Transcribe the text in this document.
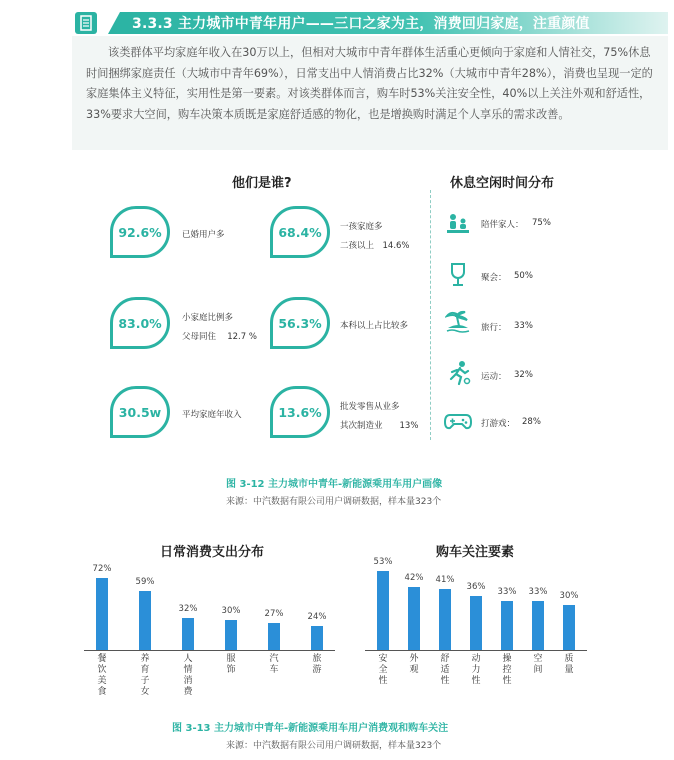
3.3.3 主力城市中青年用户——三口之家为主，消费回归家庭，注重颜值
该类群体平均家庭年收入在30万以上，但相对大城市中青年群体生活重心更倾向于家庭和人情社交，75%休息时间捆绑家庭责任（大城市中青年69%），日常支出中人情消费占比32%（大城市中青年28%），消费也呈现一定的家庭集体主义特征，实用性是第一要素。对该类群体而言，购车时53%关注安全性，40%以上关注外观和舒适性，33%要求大空间，购车决策本质既是家庭舒适感的物化，也是增换购时满足个人享乐的需求改善。
他们是谁?
92.6% 已婚用户多	68.4% 一孩家庭多
二孩以上　14.6%
83.0% 小家庭比例多
父母同住　 12.7 %
56.3% 本科以上占比较多
30.5w 平均家庭年收入	13.6% 批发零售从业多
其次制造业　　13%
休息空闲时间分布
陪伴家人： 75%
聚会： 50%
旅行： 33%
运动： 32%
打游戏： 28%
图 3-12 主力城市中青年-新能源乘用车用户画像
来源：中汽数据有限公司用户调研数据，样本量323个
日常消费支出分布	购车关注要素
72%
餐饮美食
59%
养育子女
32%
人情消费
30%
服饰
27%
汽车
24%
旅游
53%
安全性
42%
外观
41%
舒适性
36%
动力性
33%
操控性
33%
空间
30%
质量
图 3-13 主力城市中青年-新能源乘用车用户消费观和购车关注
来源：中汽数据有限公司用户调研数据，样本量323个
